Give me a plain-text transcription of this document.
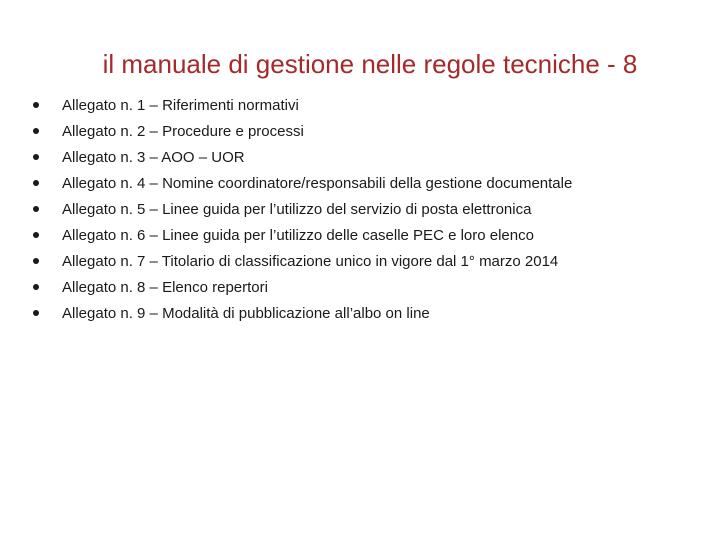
il manuale di gestione nelle regole tecniche - 8
Allegato n. 1 – Riferimenti normativi
Allegato n. 2 – Procedure e processi
Allegato n. 3 – AOO – UOR
Allegato n. 4 – Nomine coordinatore/responsabili della gestione documentale
Allegato n. 5 – Linee guida per l’utilizzo del servizio di posta elettronica
Allegato n. 6 – Linee guida per l’utilizzo delle caselle PEC e loro elenco
Allegato n. 7 – Titolario di classificazione unico in vigore dal 1° marzo 2014
Allegato n. 8 – Elenco repertori
Allegato n. 9 – Modalità di pubblicazione all’albo on line
